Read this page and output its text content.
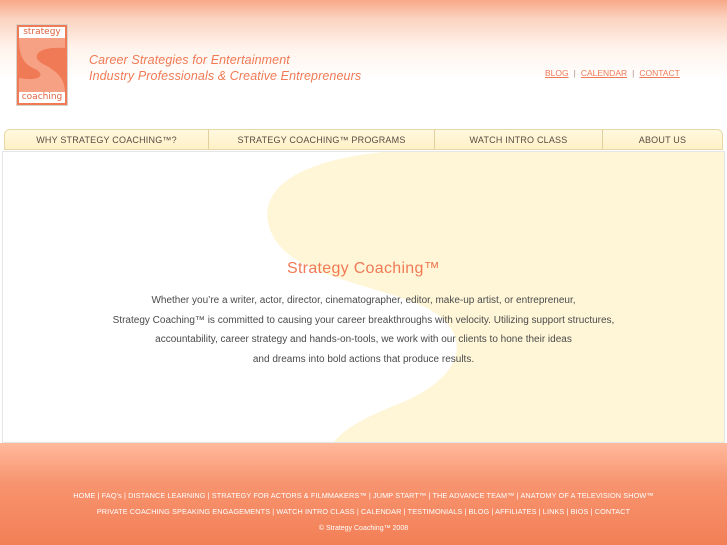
strategy
coaching
Career Strategies for Entertainment
Industry Professionals & Creative Entrepreneurs	BLOG | CALENDAR | CONTACT
WHY STRATEGY COACHING™?	STRATEGY COACHING™ PROGRAMS	WATCH INTRO CLASS	ABOUT US
Strategy Coaching™
Whether you’re a writer, actor, director, cinematographer, editor, make-up artist, or entrepreneur,
Strategy Coaching™ is committed to causing your career breakthroughs with velocity. Utilizing support structures,
accountability, career strategy and hands-on-tools, we work with our clients to hone their ideas
and dreams into bold actions that produce results.
HOME | FAQ's | DISTANCE LEARNING | STRATEGY FOR ACTORS & FILMMAKERS™ | JUMP START™ | THE ADVANCE TEAM™ | ANATOMY OF A TELEVISION SHOW™
PRIVATE COACHING SPEAKING ENGAGEMENTS | WATCH INTRO CLASS | CALENDAR | TESTIMONIALS | BLOG | AFFILIATES | LINKS | BIOS | CONTACT
© Strategy Coaching™ 2008
